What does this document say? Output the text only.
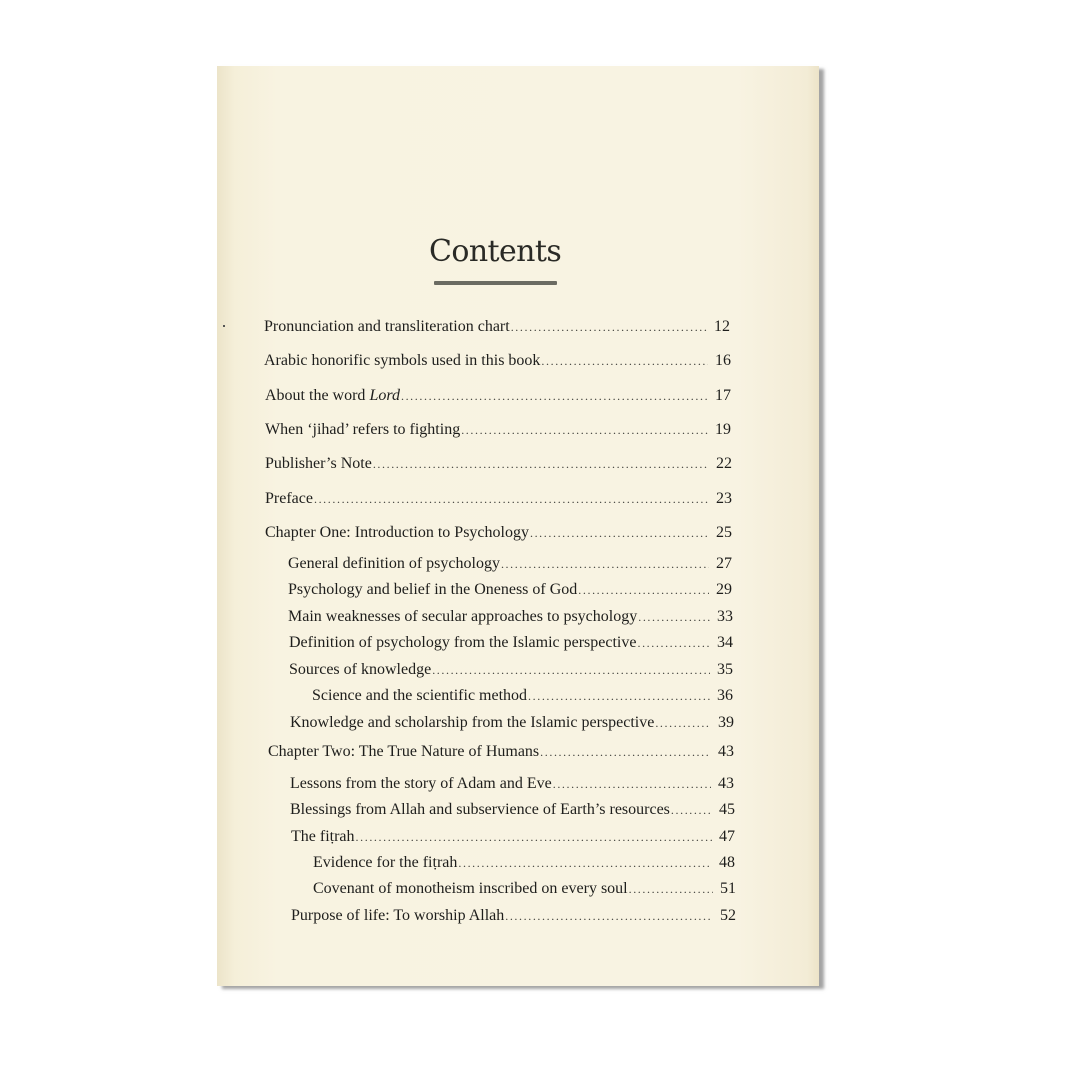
Contents
Pronunciation and transliteration chart .....	12
Arabic honorific symbols used in this book .....	16
About the word Lord .....	17
When ‘jihad’ refers to fighting .....	19
Publisher’s Note .....	22
Preface .....	23
Chapter One: Introduction to Psychology .....	25
General definition of psychology .....	27
Psychology and belief in the Oneness of God .....	29
Main weaknesses of secular approaches to psychology .....	33
Definition of psychology from the Islamic perspective .....	34
Sources of knowledge .....	35
Science and the scientific method .....	36
Knowledge and scholarship from the Islamic perspective .....	39
Chapter Two: The True Nature of Humans .....	43
Lessons from the story of Adam and Eve .....	43
Blessings from Allah and subservience of Earth’s resources .....	45
The fiṭrah .....	47
Evidence for the fiṭrah .....	48
Covenant of monotheism inscribed on every soul .....	51
Purpose of life: To worship Allah .....	52
